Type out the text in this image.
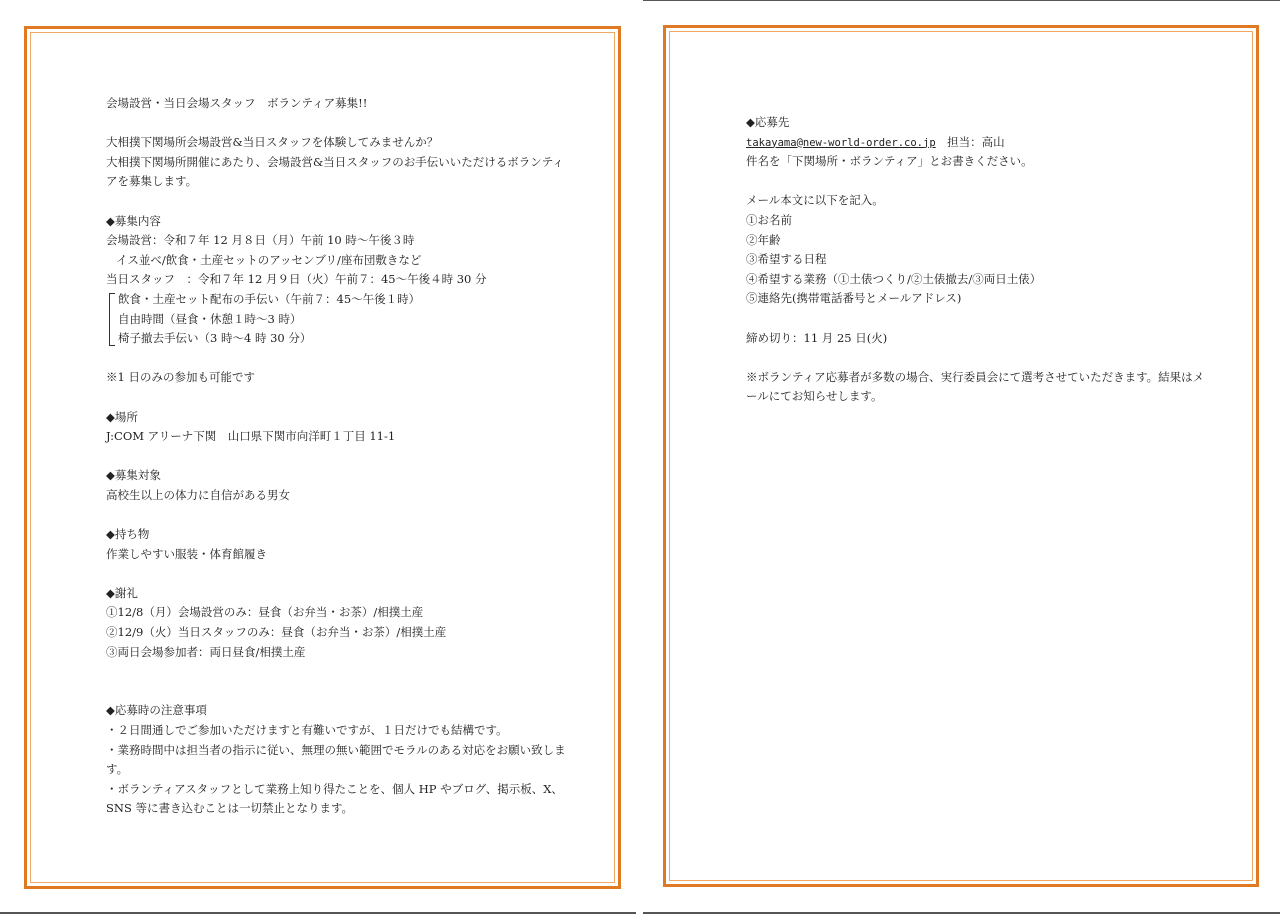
会場設営・当日会場スタッフ　ボランティア募集!!
大相撲下関場所会場設営&当日スタッフを体験してみませんか？
大相撲下関場所開催にあたり、会場設営&当日スタッフのお手伝いいただけるボランティアを募集します。
◆募集内容
会場設営：令和７年 12 月８日（月）午前 10 時～午後３時
イス並べ/飲食・土産セットのアッセンブリ/座布団敷きなど
当日スタッフ　：令和７年 12 月９日（火）午前７：45～午後４時 30 分
飲食・土産セット配布の手伝い（午前７：45～午後１時）
自由時間（昼食・休憩１時～3 時）
椅子撤去手伝い（3 時～4 時 30 分）
※1 日のみの参加も可能です
◆場所
J:COM アリーナ下関　山口県下関市向洋町１丁目 11-1
◆募集対象
高校生以上の体力に自信がある男女
◆持ち物
作業しやすい服装・体育館履き
◆謝礼
①12/8（月）会場設営のみ：昼食（お弁当・お茶）/相撲土産
②12/9（火）当日スタッフのみ：昼食（お弁当・お茶）/相撲土産
③両日会場参加者：両日昼食/相撲土産
◆応募時の注意事項
・２日間通しでご参加いただけますと有難いですが、１日だけでも結構です。
・業務時間中は担当者の指示に従い、無理の無い範囲でモラルのある対応をお願い致します。
・ボランティアスタッフとして業務上知り得たことを、個人 HP やブログ、掲示板、X、SNS 等に書き込むことは一切禁止となります。
◆応募先
takayama@new-world-order.co.jp　担当：高山
件名を「下関場所・ボランティア」とお書きください。
メール本文に以下を記入。
①お名前
②年齢
③希望する日程
④希望する業務（①土俵つくり/②土俵撤去/③両日土俵）
⑤連絡先(携帯電話番号とメールアドレス)
締め切り：11 月 25 日(火)
※ボランティア応募者が多数の場合、実行委員会にて選考させていただきます。結果はメールにてお知らせします。
